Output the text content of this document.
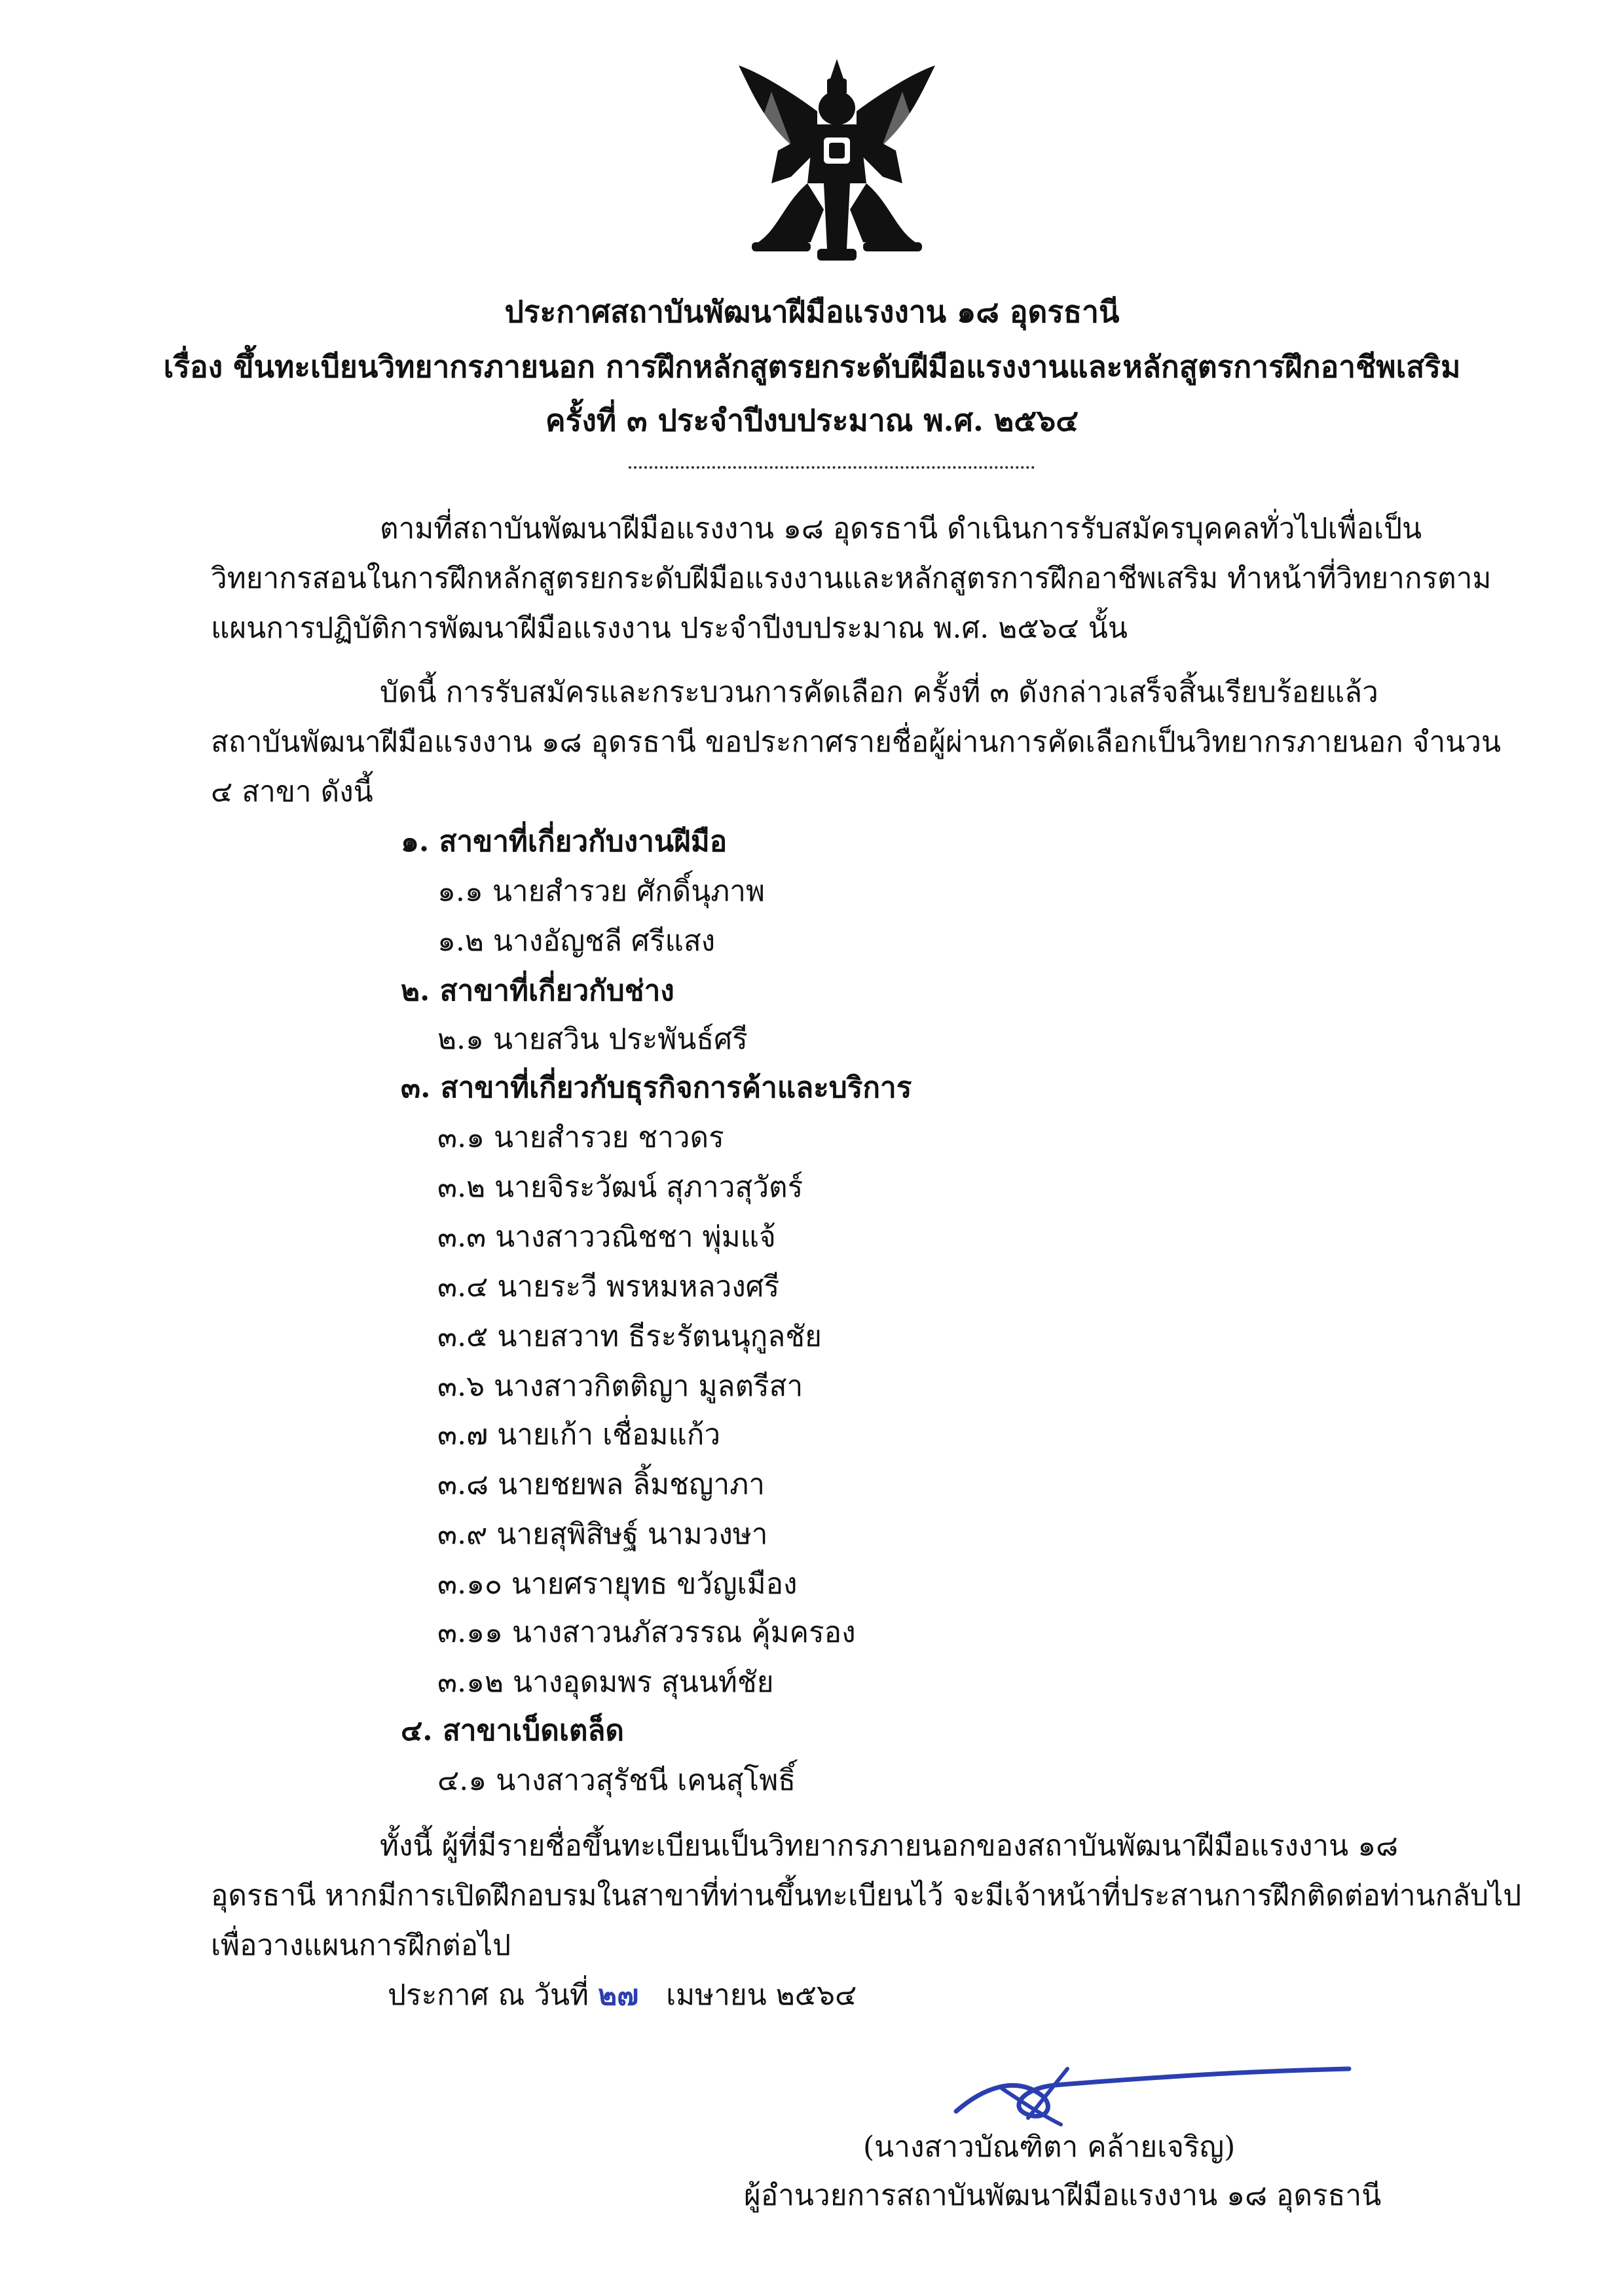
ประกาศสถาบันพัฒนาฝีมือแรงงาน ๑๘ อุดรธานี
เรื่อง ขึ้นทะเบียนวิทยากรภายนอก การฝึกหลักสูตรยกระดับฝีมือแรงงานและหลักสูตรการฝึกอาชีพเสริม
ครั้งที่ ๓ ประจำปีงบประมาณ พ.ศ. ๒๕๖๔
ตามที่สถาบันพัฒนาฝีมือแรงงาน ๑๘ อุดรธานี ดำเนินการรับสมัครบุคคลทั่วไปเพื่อเป็น
วิทยากรสอนในการฝึกหลักสูตรยกระดับฝีมือแรงงานและหลักสูตรการฝึกอาชีพเสริม ทำหน้าที่วิทยากรตาม
แผนการปฏิบัติการพัฒนาฝีมือแรงงาน ประจำปีงบประมาณ พ.ศ. ๒๕๖๔ นั้น
บัดนี้ การรับสมัครและกระบวนการคัดเลือก ครั้งที่ ๓ ดังกล่าวเสร็จสิ้นเรียบร้อยแล้ว
สถาบันพัฒนาฝีมือแรงงาน ๑๘ อุดรธานี ขอประกาศรายชื่อผู้ผ่านการคัดเลือกเป็นวิทยากรภายนอก จำนวน
๔ สาขา ดังนี้
๑. สาขาที่เกี่ยวกับงานฝีมือ
๑.๑ นายสำรวย ศักดิ์นุภาพ
๑.๒ นางอัญชลี ศรีแสง
๒. สาขาที่เกี่ยวกับช่าง
๒.๑ นายสวิน ประพันธ์ศรี
๓. สาขาที่เกี่ยวกับธุรกิจการค้าและบริการ
๓.๑ นายสำรวย ชาวดร
๓.๒ นายจิระวัฒน์ สุภาวสุวัตร์
๓.๓ นางสาววณิชชา พุ่มแจ้
๓.๔ นายระวี พรหมหลวงศรี
๓.๕ นายสวาท ธีระรัตนนุกูลชัย
๓.๖ นางสาวกิตติญา มูลตรีสา
๓.๗ นายเก้า เชื่อมแก้ว
๓.๘ นายชยพล ลิ้มชญาภา
๓.๙ นายสุพิสิษฐ์ นามวงษา
๓.๑๐ นายศรายุทธ ขวัญเมือง
๓.๑๑ นางสาวนภัสวรรณ คุ้มครอง
๓.๑๒ นางอุดมพร สุนนท์ชัย
๔. สาขาเบ็ดเตล็ด
๔.๑ นางสาวสุรัชนี เคนสุโพธิ์
ทั้งนี้ ผู้ที่มีรายชื่อขึ้นทะเบียนเป็นวิทยากรภายนอกของสถาบันพัฒนาฝีมือแรงงาน ๑๘
อุดรธานี หากมีการเปิดฝึกอบรมในสาขาที่ท่านขึ้นทะเบียนไว้ จะมีเจ้าหน้าที่ประสานการฝึกติดต่อท่านกลับไป
เพื่อวางแผนการฝึกต่อไป
ประกาศ ณ วันที่ ๒๗ เมษายน ๒๕๖๔
(นางสาวบัณฑิตา คล้ายเจริญ)
ผู้อำนวยการสถาบันพัฒนาฝีมือแรงงาน ๑๘ อุดรธานี
